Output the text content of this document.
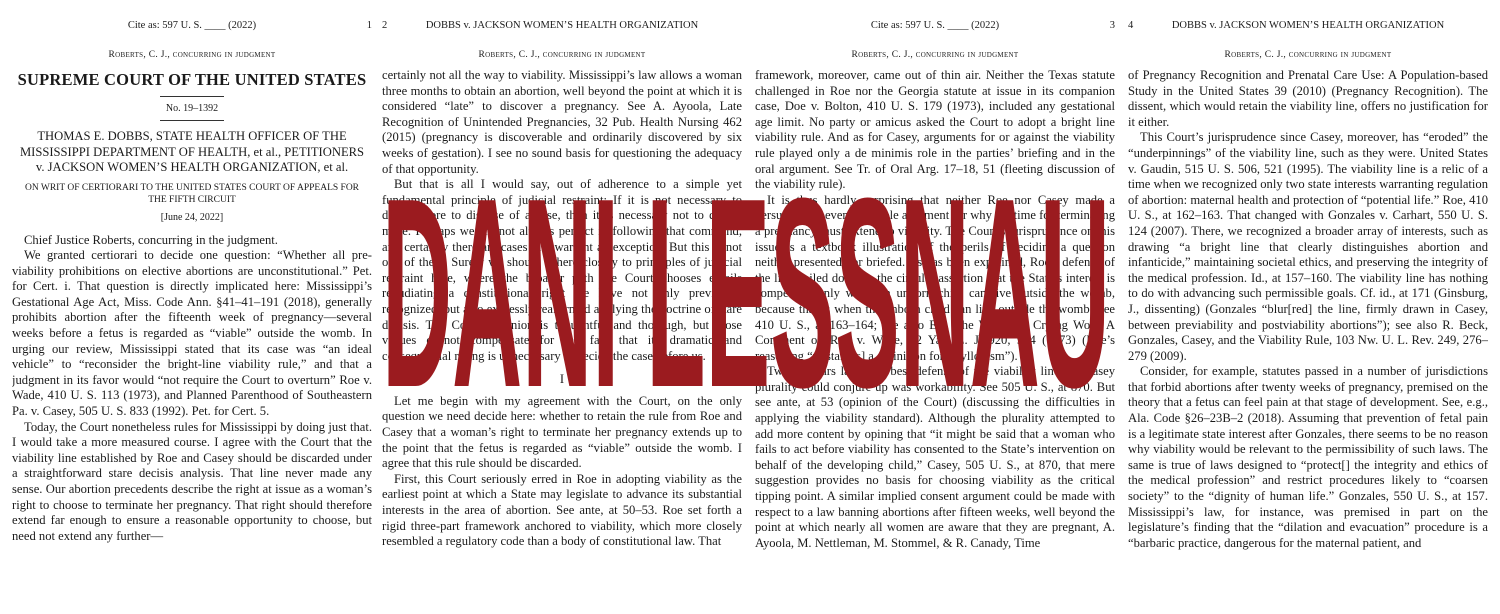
Cite as: 597 U. S. ____ (2022)	1
Roberts, C. J., concurring in judgment
SUPREME COURT OF THE UNITED STATES
No. 19–1392
THOMAS E. DOBBS, STATE HEALTH OFFICER OF THE MISSISSIPPI DEPARTMENT OF HEALTH, et al., PETITIONERS v. JACKSON WOMEN’S HEALTH ORGANIZATION, et al.
ON WRIT OF CERTIORARI TO THE UNITED STATES COURT OF APPEALS FOR THE FIFTH CIRCUIT
[June 24, 2022]

Chief Justice Roberts, concurring in the judgment.

We granted certiorari to decide one question: “Whether all pre-viability prohibitions on elective abortions are unconstitutional.” Pet. for Cert. i. That question is directly implicated here: Mississippi’s Gestational Age Act, Miss. Code Ann. §41–41–191 (2018), generally prohibits abortion after the fifteenth week of pregnancy—several weeks before a fetus is regarded as “viable” outside the womb. In urging our review, Mississippi stated that its case was “an ideal vehicle” to “reconsider the bright-line viability rule,” and that a judgment in its favor would “not require the Court to overturn” Roe v. Wade, 410 U. S. 113 (1973), and Planned Parenthood of Southeastern Pa. v. Casey, 505 U. S. 833 (1992). Pet. for Cert. 5.

Today, the Court nonetheless rules for Mississippi by doing just that. I would take a more measured course. I agree with the Court that the viability line established by Roe and Casey should be discarded under a straightforward stare decisis analysis. That line never made any sense. Our abortion precedents describe the right at issue as a woman’s right to choose to terminate her pregnancy. That right should therefore extend far enough to ensure a reasonable opportunity to choose, but need not extend any further—

2	DOBBS v. JACKSON WOMEN’S HEALTH ORGANIZATION
Roberts, C. J., concurring in judgment

certainly not all the way to viability. Mississippi’s law allows a woman three months to obtain an abortion, well beyond the point at which it is considered “late” to discover a pregnancy. See A. Ayoola, Late Recognition of Unintended Pregnancies, 32 Pub. Health Nursing 462 (2015) (pregnancy is discoverable and ordinarily discovered by six weeks of gestation). I see no sound basis for questioning the adequacy of that opportunity.

But that is all I would say, out of adherence to a simple yet fundamental principle of judicial restraint: If it is not necessary to decide more to dispose of a case, then it is necessary not to decide more. Perhaps we are not always perfect in following that command, and certainly there are cases that warrant an exception. But this is not one of them. Surely we should adhere closely to principles of judicial restraint here, where the broader path the Court chooses entails repudiating a constitutional right we have not only previously recognized, but also expressly reaffirmed applying the doctrine of stare decisis. The Court’s opinion is thoughtful and thorough, but those virtues cannot compensate for the fact that its dramatic and consequential ruling is unnecessary to decide the case before us.

I

Let me begin with my agreement with the Court, on the only question we need decide here: whether to retain the rule from Roe and Casey that a woman’s right to terminate her pregnancy extends up to the point that the fetus is regarded as “viable” outside the womb. I agree that this rule should be discarded.

First, this Court seriously erred in Roe in adopting viability as the earliest point at which a State may legislate to advance its substantial interests in the area of abortion. See ante, at 50–53. Roe set forth a rigid three-part framework anchored to viability, which more closely resembled a regulatory code than a body of constitutional law. That

Cite as: 597 U. S. ____ (2022)	3
Roberts, C. J., concurring in judgment

framework, moreover, came out of thin air. Neither the Texas statute challenged in Roe nor the Georgia statute at issue in its companion case, Doe v. Bolton, 410 U. S. 179 (1973), included any gestational age limit. No party or amicus asked the Court to adopt a bright line viability rule. And as for Casey, arguments for or against the viability rule played only a de minimis role in the parties’ briefing and in the oral argument. See Tr. of Oral Arg. 17–18, 51 (fleeting discussion of the viability rule).

It is thus hardly surprising that neither Roe nor Casey made a persuasive or even colorable argument for why the time for terminating a pregnancy must extend to viability. The Court’s jurisprudence on this issue is a textbook illustration of the perils of deciding a question neither presented nor briefed. As has been explained, Roe’s defense of the line boiled down to the circular assertion that the State’s interest is compelling only when an unborn child can live outside the womb, because that is when the unborn child can live outside the womb. See 410 U. S., at 163–164; see also Ely, The Wages of Crying Wolf: A Comment on Roe v. Wade, 82 Yale L. J. 920, 924 (1973) (Roe’s reasoning “mistake[s] a definition for a syllogism”).

Twenty years later, the best defense of the viability line the Casey plurality could conjure up was workability. See 505 U. S., at 870. But see ante, at 53 (opinion of the Court) (discussing the difficulties in applying the viability standard). Although the plurality attempted to add more content by opining that “it might be said that a woman who fails to act before viability has consented to the State’s intervention on behalf of the developing child,” Casey, 505 U. S., at 870, that mere suggestion provides no basis for choosing viability as the critical tipping point. A similar implied consent argument could be made with respect to a law banning abortions after fifteen weeks, well beyond the point at which nearly all women are aware that they are pregnant, A. Ayoola, M. Nettleman, M. Stommel, & R. Canady, Time

4	DOBBS v. JACKSON WOMEN’S HEALTH ORGANIZATION
Roberts, C. J., concurring in judgment

of Pregnancy Recognition and Prenatal Care Use: A Population-based Study in the United States 39 (2010) (Pregnancy Recognition). The dissent, which would retain the viability line, offers no justification for it either.

This Court’s jurisprudence since Casey, moreover, has “eroded” the “underpinnings” of the viability line, such as they were. United States v. Gaudin, 515 U. S. 506, 521 (1995). The viability line is a relic of a time when we recognized only two state interests warranting regulation of abortion: maternal health and protection of “potential life.” Roe, 410 U. S., at 162–163. That changed with Gonzales v. Carhart, 550 U. S. 124 (2007). There, we recognized a broader array of interests, such as drawing “a bright line that clearly distinguishes abortion and infanticide,” maintaining societal ethics, and preserving the integrity of the medical profession. Id., at 157–160. The viability line has nothing to do with advancing such permissible goals. Cf. id., at 171 (Ginsburg, J., dissenting) (Gonzales “blur[red] the line, firmly drawn in Casey, between previability and postviability abortions”); see also R. Beck, Gonzales, Casey, and the Viability Rule, 103 Nw. U. L. Rev. 249, 276–279 (2009).

Consider, for example, statutes passed in a number of jurisdictions that forbid abortions after twenty weeks of pregnancy, premised on the theory that a fetus can feel pain at that stage of development. See, e.g., Ala. Code §26–23B–2 (2018). Assuming that prevention of fetal pain is a legitimate state interest after Gonzales, there seems to be no reason why viability would be relevant to the permissibility of such laws. The same is true of laws designed to “protect[] the integrity and ethics of the medical profession” and restrict procedures likely to “coarsen society” to the “dignity of human life.” Gonzales, 550 U. S., at 157. Mississippi’s law, for instance, was premised in part on the legislature’s finding that the “dilation and evacuation” procedure is a “barbaric practice, dangerous for the maternal patient, and

DANI LESSNAU
